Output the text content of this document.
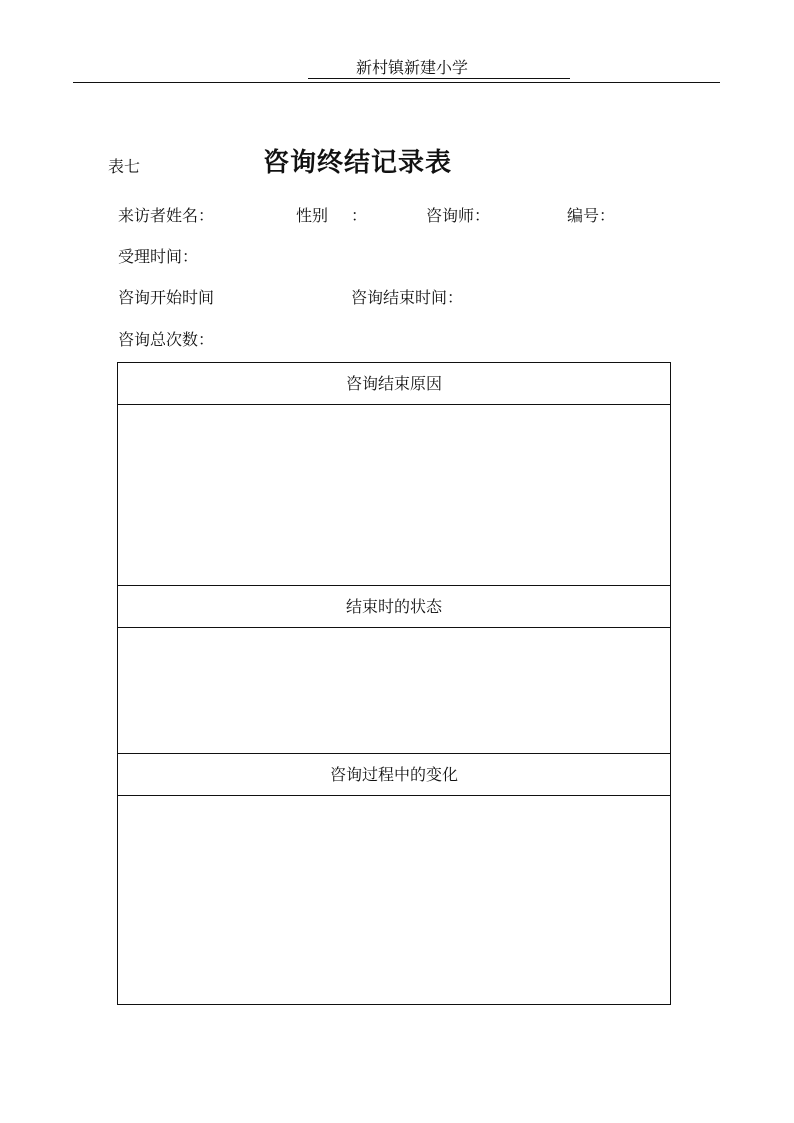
新村镇新建小学
表七	咨询终结记录表
来访者姓名：	性别 ：	咨询师：	编号：
受理时间：
咨询开始时间	咨询结束时间：
咨询总次数：
咨询结束原因
结束时的状态
咨询过程中的变化
